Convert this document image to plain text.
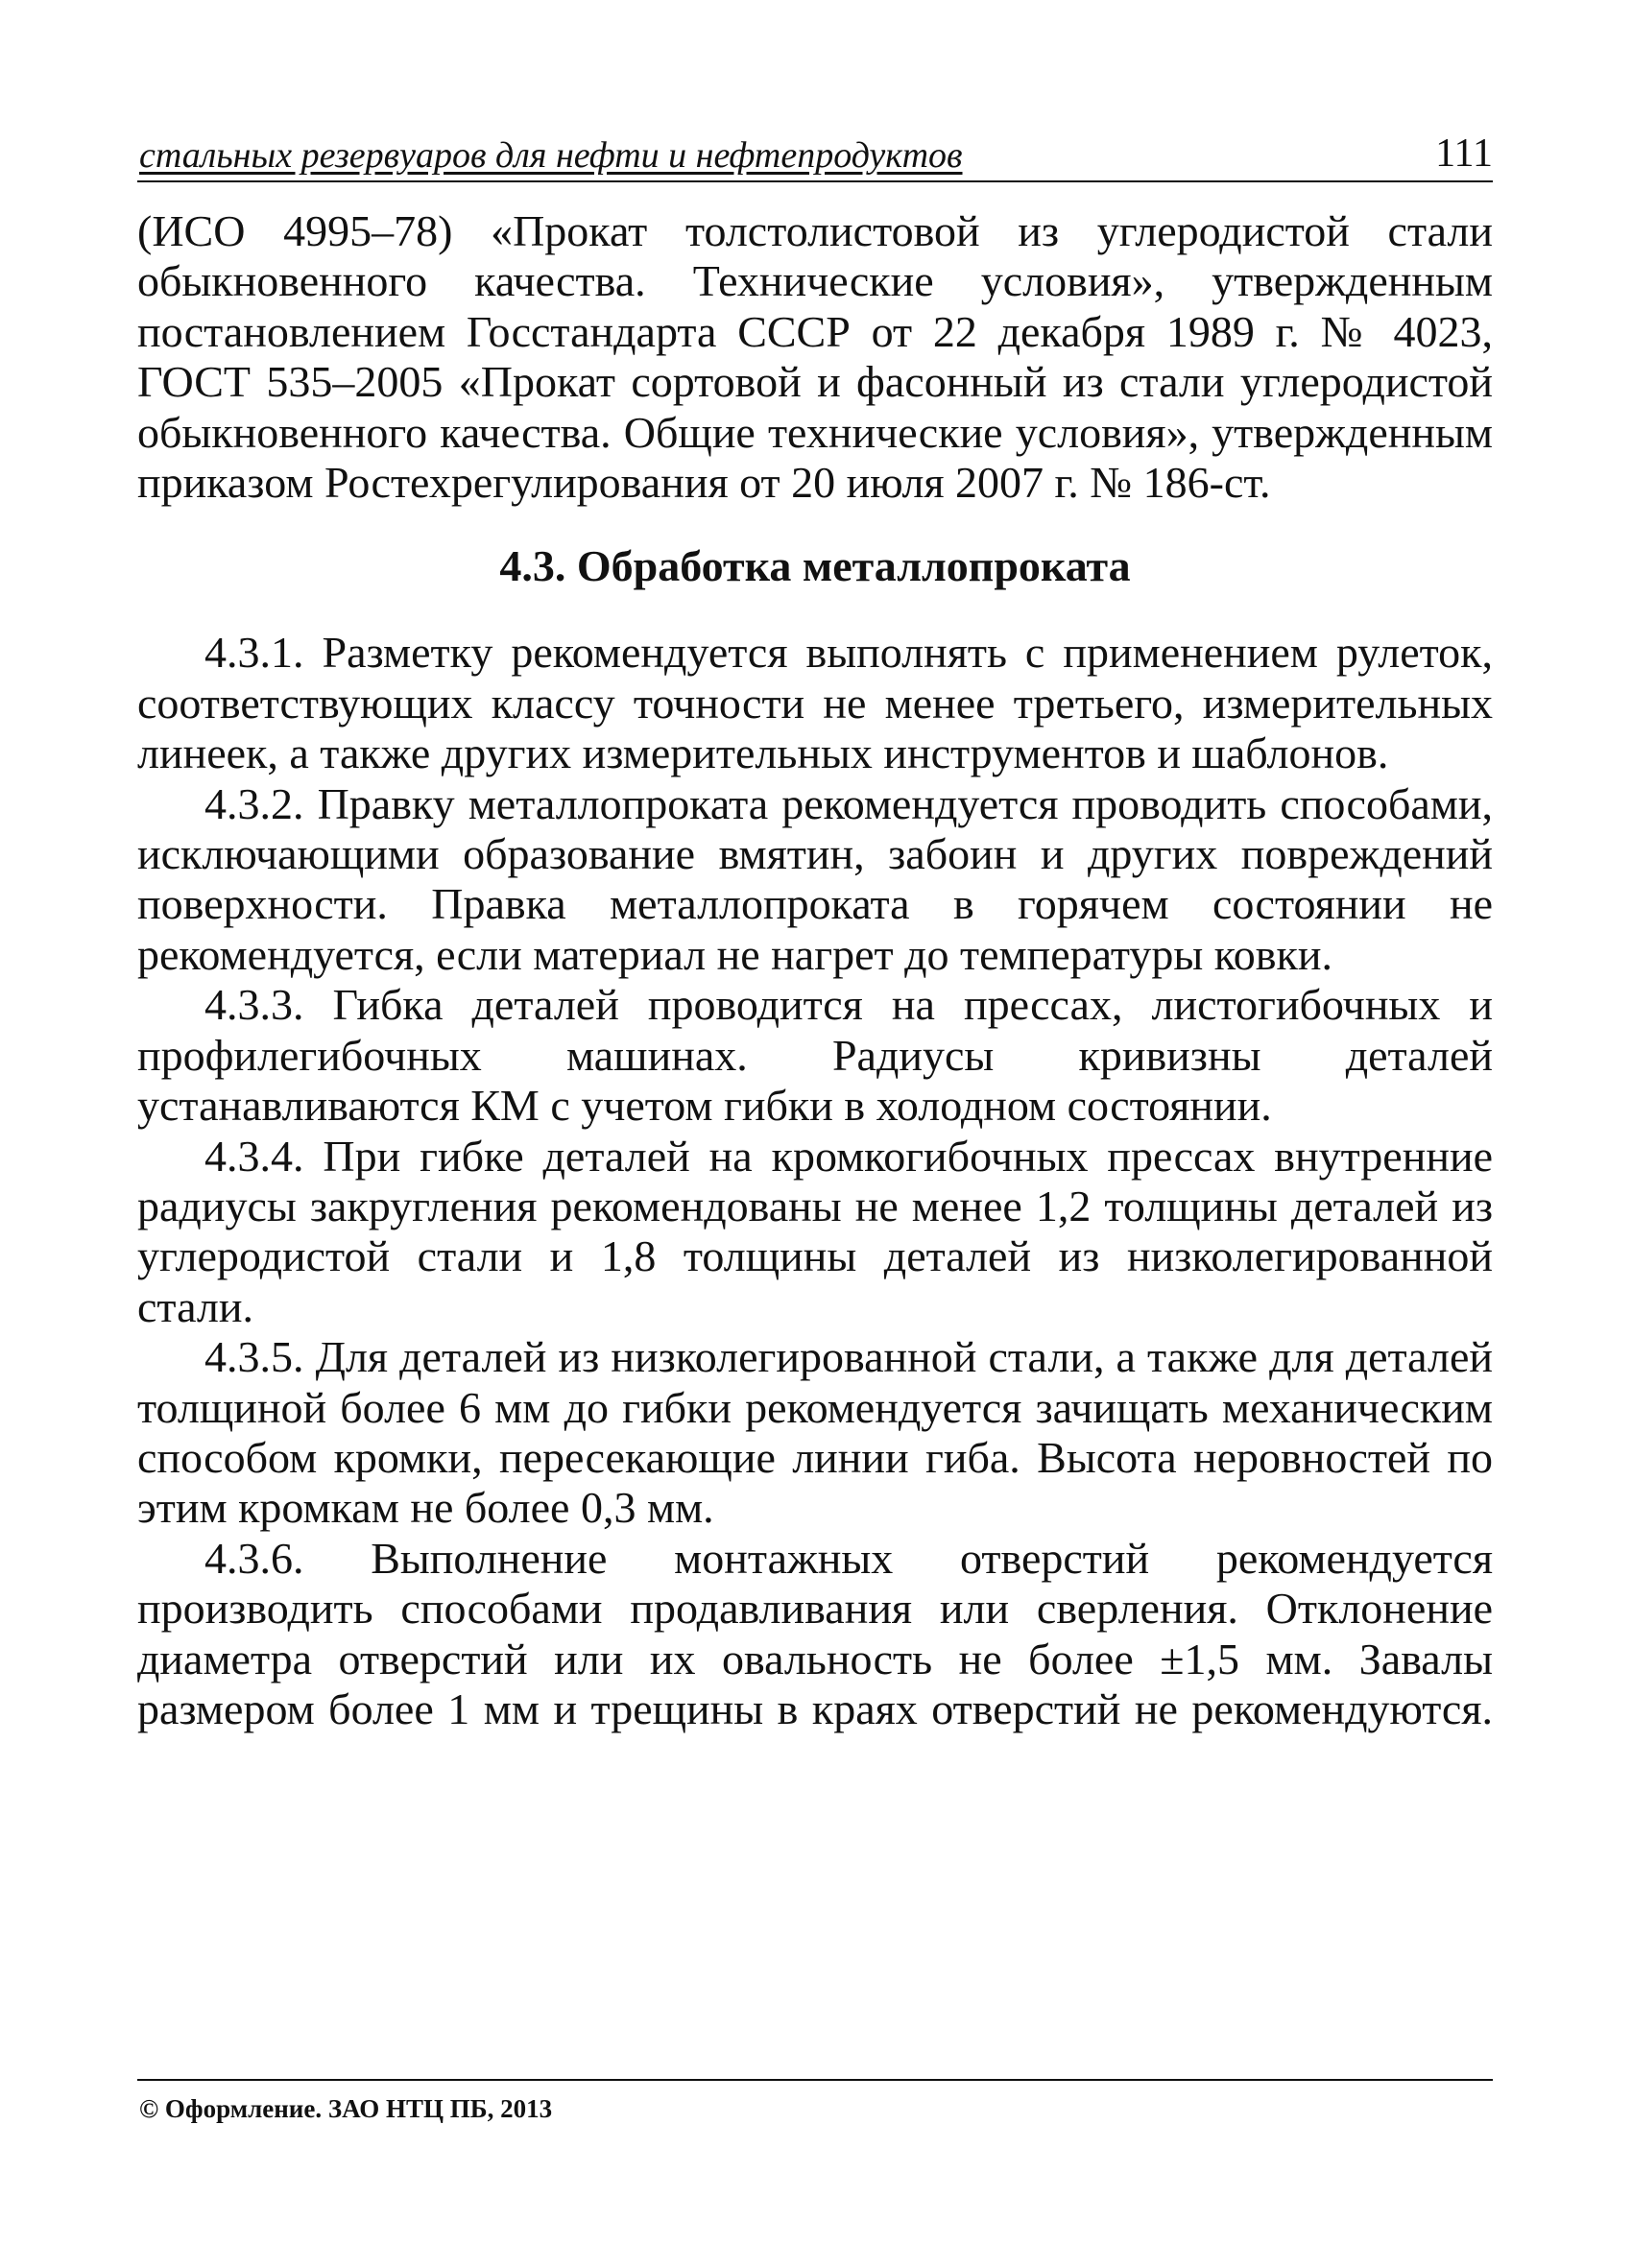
стальных резервуаров для нефти и нефтепродуктов	111

(ИСО 4995–78) «Прокат толстолистовой из углеродистой стали обыкновенного качества. Технические условия», утвержденным постановлением Госстандарта СССР от 22 декабря 1989 г. № 4023, ГОСТ 535–2005 «Прокат сортовой и фасонный из стали углеродистой обыкновенного качества. Общие технические условия», утвержденным приказом Ростехрегулирования от 20 июля 2007 г. № 186-ст.

4.3. Обработка металлопроката

4.3.1. Разметку рекомендуется выполнять с применением рулеток, соответствующих классу точности не менее третьего, измерительных линеек, а также других измерительных инструментов и шаблонов.

4.3.2. Правку металлопроката рекомендуется проводить способами, исключающими образование вмятин, забоин и других повреждений поверхности. Правка металлопроката в горячем состоянии не рекомендуется, если материал не нагрет до температуры ковки.

4.3.3. Гибка деталей проводится на прессах, листогибочных и профилегибочных машинах. Радиусы кривизны деталей устанавливаются КМ с учетом гибки в холодном состоянии.

4.3.4. При гибке деталей на кромкогибочных прессах внутренние радиусы закругления рекомендованы не менее 1,2 толщины деталей из углеродистой стали и 1,8 толщины деталей из низколегированной стали.

4.3.5. Для деталей из низколегированной стали, а также для деталей толщиной более 6 мм до гибки рекомендуется зачищать механическим способом кромки, пересекающие линии гиба. Высота неровностей по этим кромкам не более 0,3 мм.

4.3.6. Выполнение монтажных отверстий рекомендуется производить способами продавливания или сверления. Отклонение диаметра отверстий или их овальность не более ±1,5 мм. Завалы размером более 1 мм и трещины в краях отверстий не рекомендуются.

© Оформление. ЗАО НТЦ ПБ, 2013
